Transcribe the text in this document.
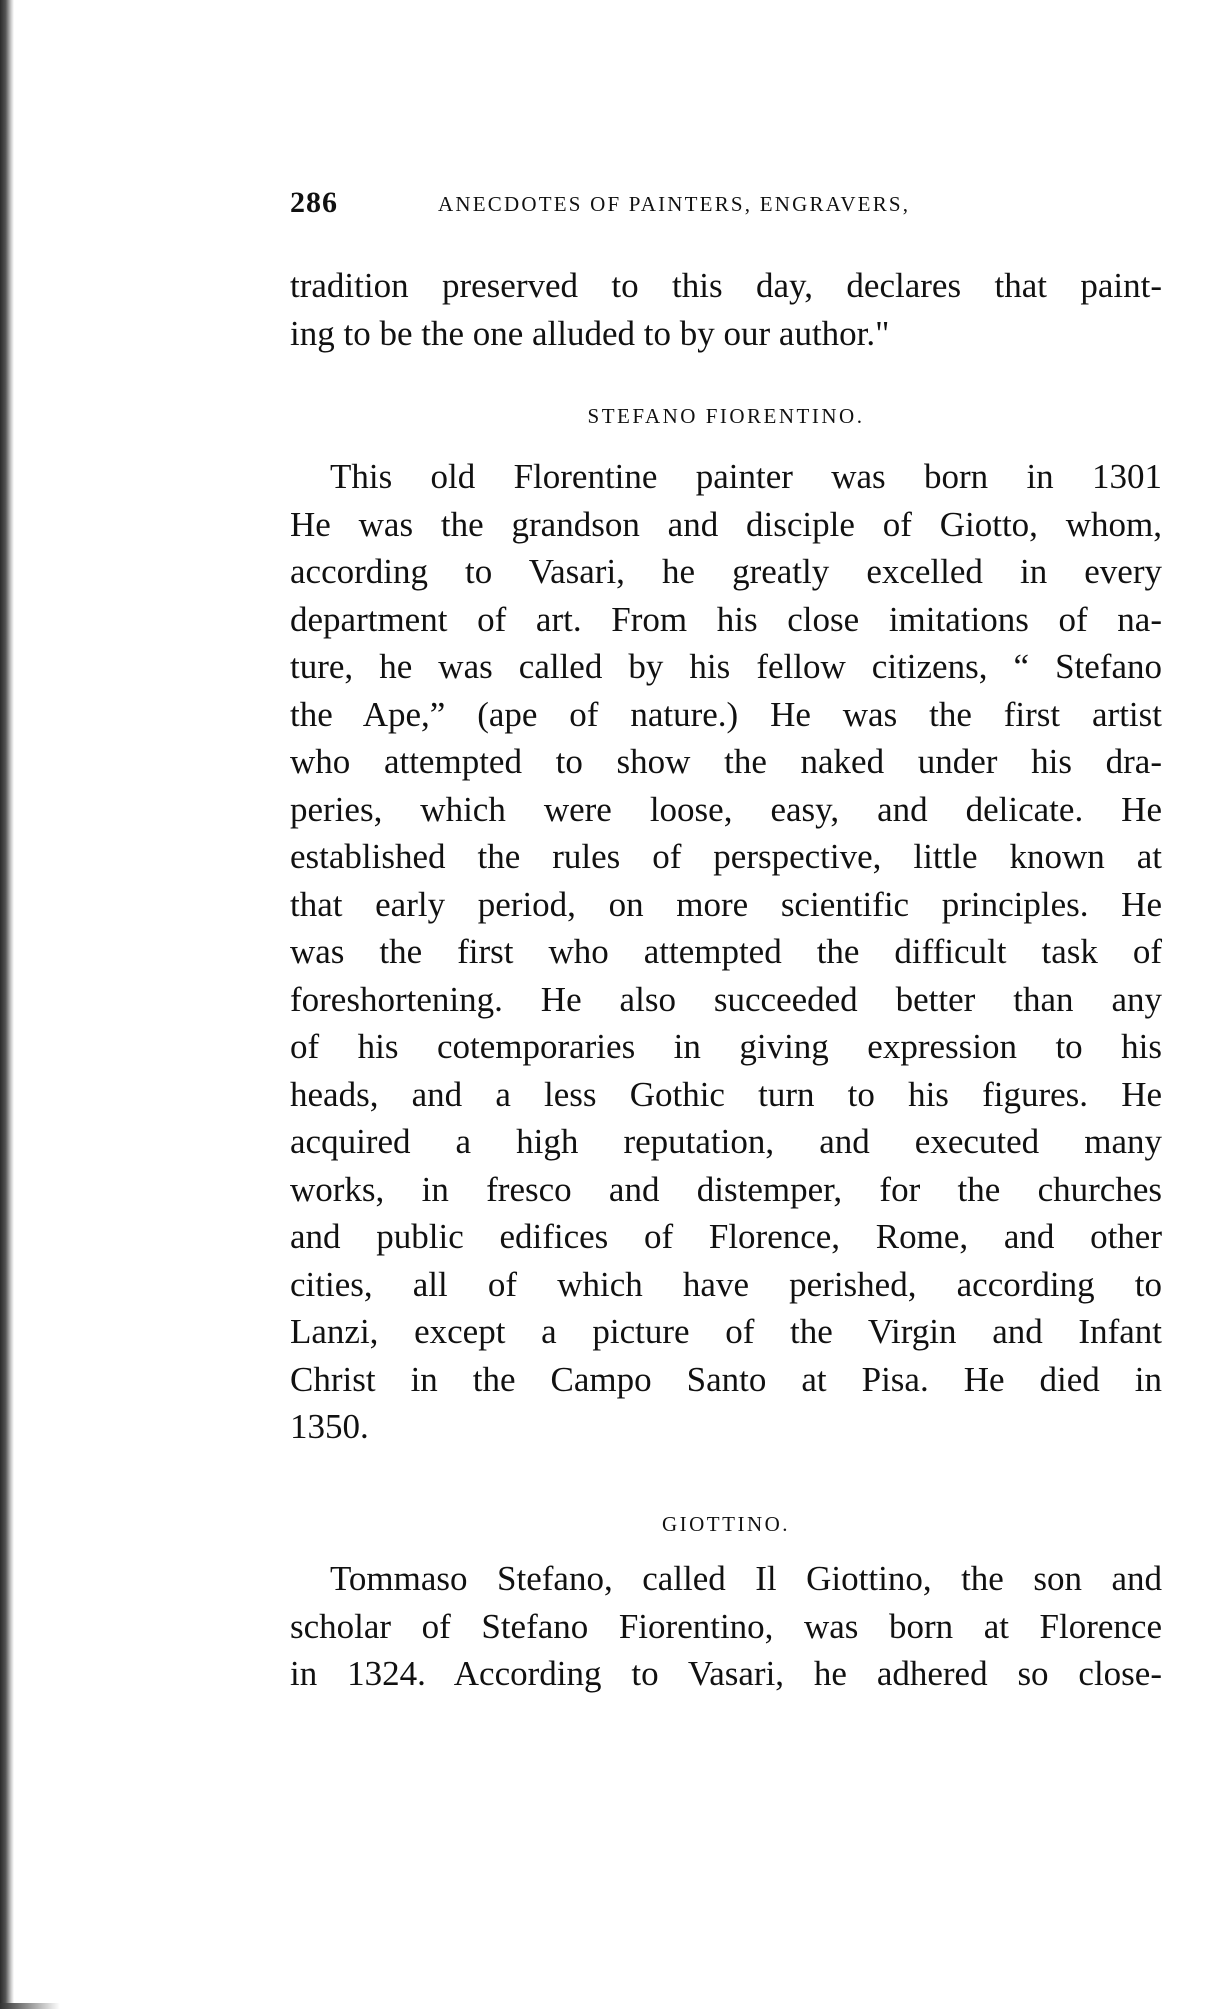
286	ANECDOTES OF PAINTERS, ENGRAVERS,
tradition preserved to this day, declares that paint-
ing to be the one alluded to by our author."
STEFANO FIORENTINO.
This old Florentine painter was born in 1301
He was the grandson and disciple of Giotto, whom,
according to Vasari, he greatly excelled in every
department of art. From his close imitations of na-
ture, he was called by his fellow citizens, “ Stefano
the Ape,” (ape of nature.) He was the first artist
who attempted to show the naked under his dra-
peries, which were loose, easy, and delicate. He
established the rules of perspective, little known at
that early period, on more scientific principles. He
was the first who attempted the difficult task of
foreshortening. He also succeeded better than any
of his cotemporaries in giving expression to his
heads, and a less Gothic turn to his figures. He
acquired a high reputation, and executed many
works, in fresco and distemper, for the churches
and public edifices of Florence, Rome, and other
cities, all of which have perished, according to
Lanzi, except a picture of the Virgin and Infant
Christ in the Campo Santo at Pisa. He died in
1350.
GIOTTINO.
Tommaso Stefano, called Il Giottino, the son and
scholar of Stefano Fiorentino, was born at Florence
in 1324. According to Vasari, he adhered so close-
